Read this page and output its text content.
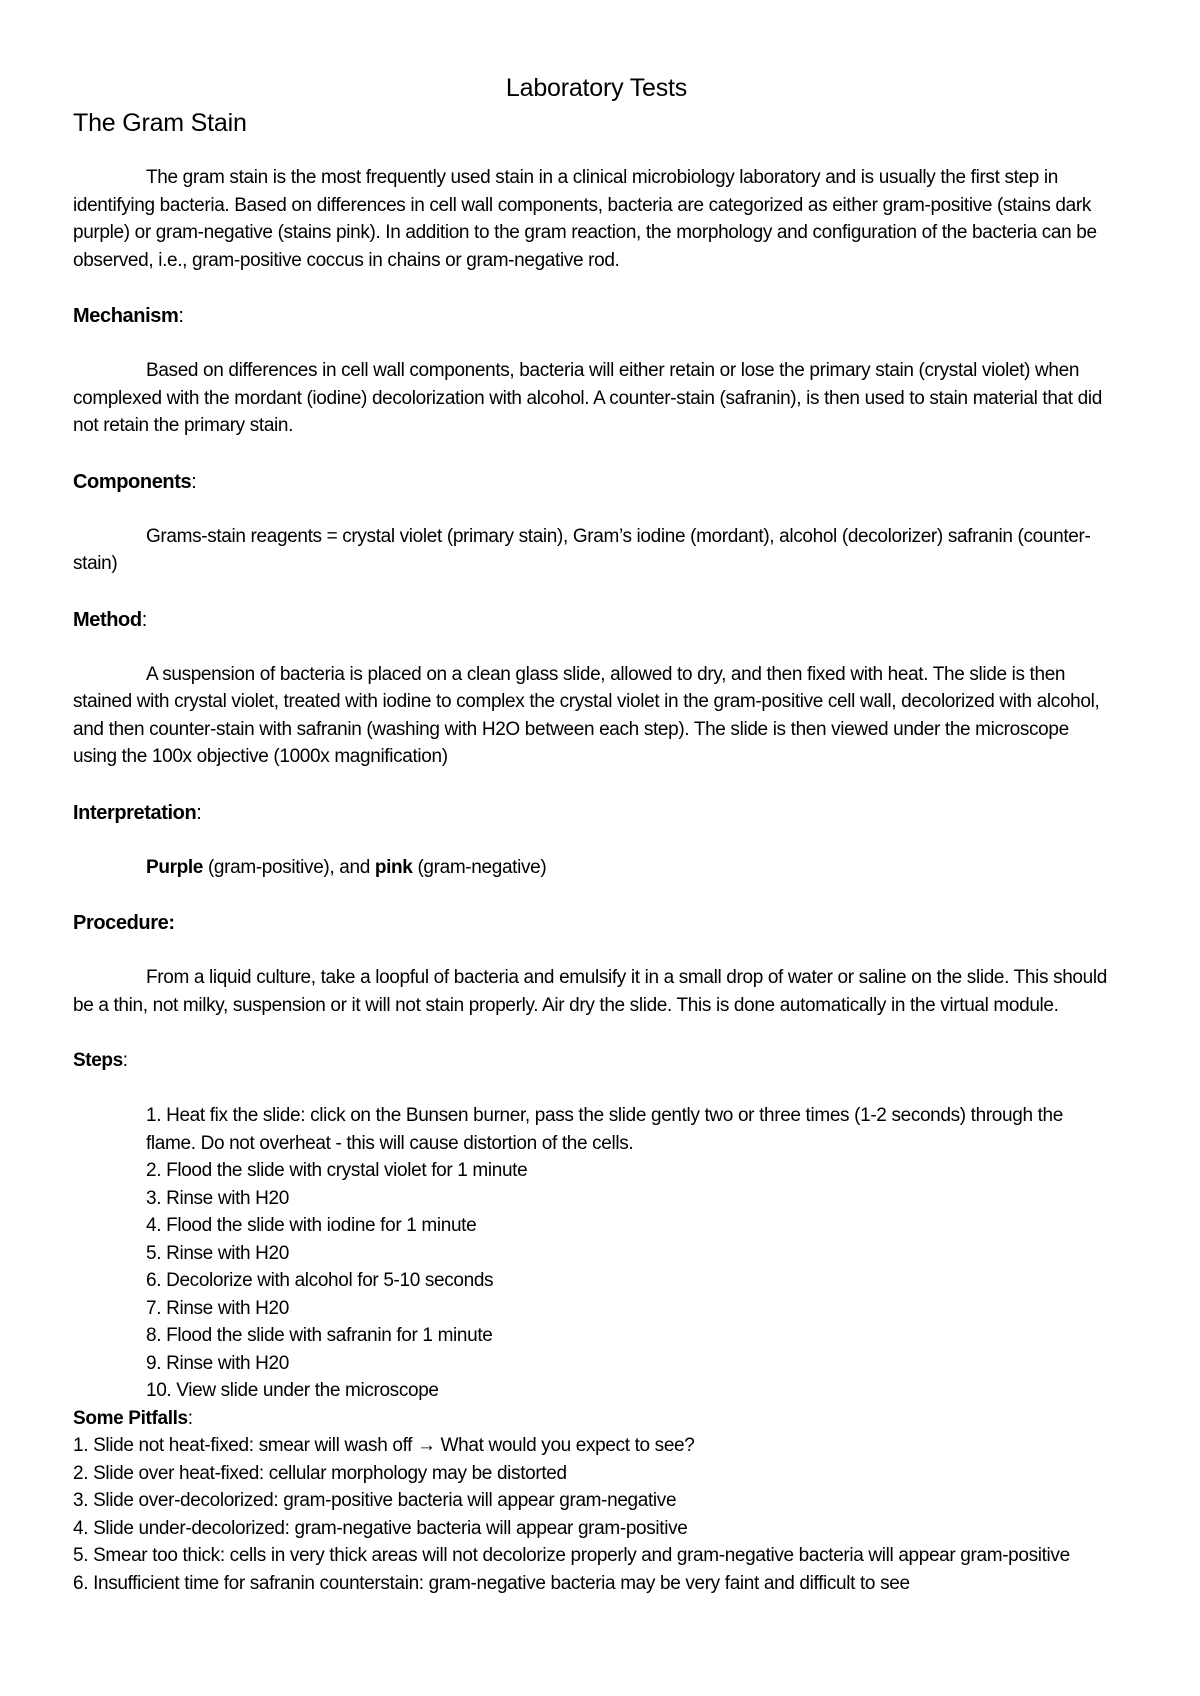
Laboratory Tests
The Gram Stain

The gram stain is the most frequently used stain in a clinical microbiology laboratory and is usually the first step in identifying bacteria. Based on differences in cell wall components, bacteria are categorized as either gram-positive (stains dark purple) or gram-negative (stains pink). In addition to the gram reaction, the morphology and configuration of the bacteria can be observed, i.e., gram-positive coccus in chains or gram-negative rod.

Mechanism:

Based on differences in cell wall components, bacteria will either retain or lose the primary stain (crystal violet) when complexed with the mordant (iodine) decolorization with alcohol. A counter-stain (safranin), is then used to stain material that did not retain the primary stain.

Components:

Grams-stain reagents = crystal violet (primary stain), Gram’s iodine (mordant), alcohol (decolorizer) safranin (counter-stain)

Method:

A suspension of bacteria is placed on a clean glass slide, allowed to dry, and then fixed with heat. The slide is then stained with crystal violet, treated with iodine to complex the crystal violet in the gram-positive cell wall, decolorized with alcohol, and then counter-stain with safranin (washing with H2O between each step). The slide is then viewed under the microscope using the 100x objective (1000x magnification)

Interpretation:

Purple (gram-positive), and pink (gram-negative)

Procedure:

From a liquid culture, take a loopful of bacteria and emulsify it in a small drop of water or saline on the slide. This should be a thin, not milky, suspension or it will not stain properly. Air dry the slide. This is done automatically in the virtual module.

Steps:
1. Heat fix the slide: click on the Bunsen burner, pass the slide gently two or three times (1-2 seconds) through the flame. Do not overheat - this will cause distortion of the cells.
2. Flood the slide with crystal violet for 1 minute
3. Rinse with H20
4. Flood the slide with iodine for 1 minute
5. Rinse with H20
6. Decolorize with alcohol for 5-10 seconds
7. Rinse with H20
8. Flood the slide with safranin for 1 minute
9. Rinse with H20
10. View slide under the microscope
Some Pitfalls:
1. Slide not heat-fixed: smear will wash off → What would you expect to see?
2. Slide over heat-fixed: cellular morphology may be distorted
3. Slide over-decolorized: gram-positive bacteria will appear gram-negative
4. Slide under-decolorized: gram-negative bacteria will appear gram-positive
5. Smear too thick: cells in very thick areas will not decolorize properly and gram-negative bacteria will appear gram-positive
6. Insufficient time for safranin counterstain: gram-negative bacteria may be very faint and difficult to see
